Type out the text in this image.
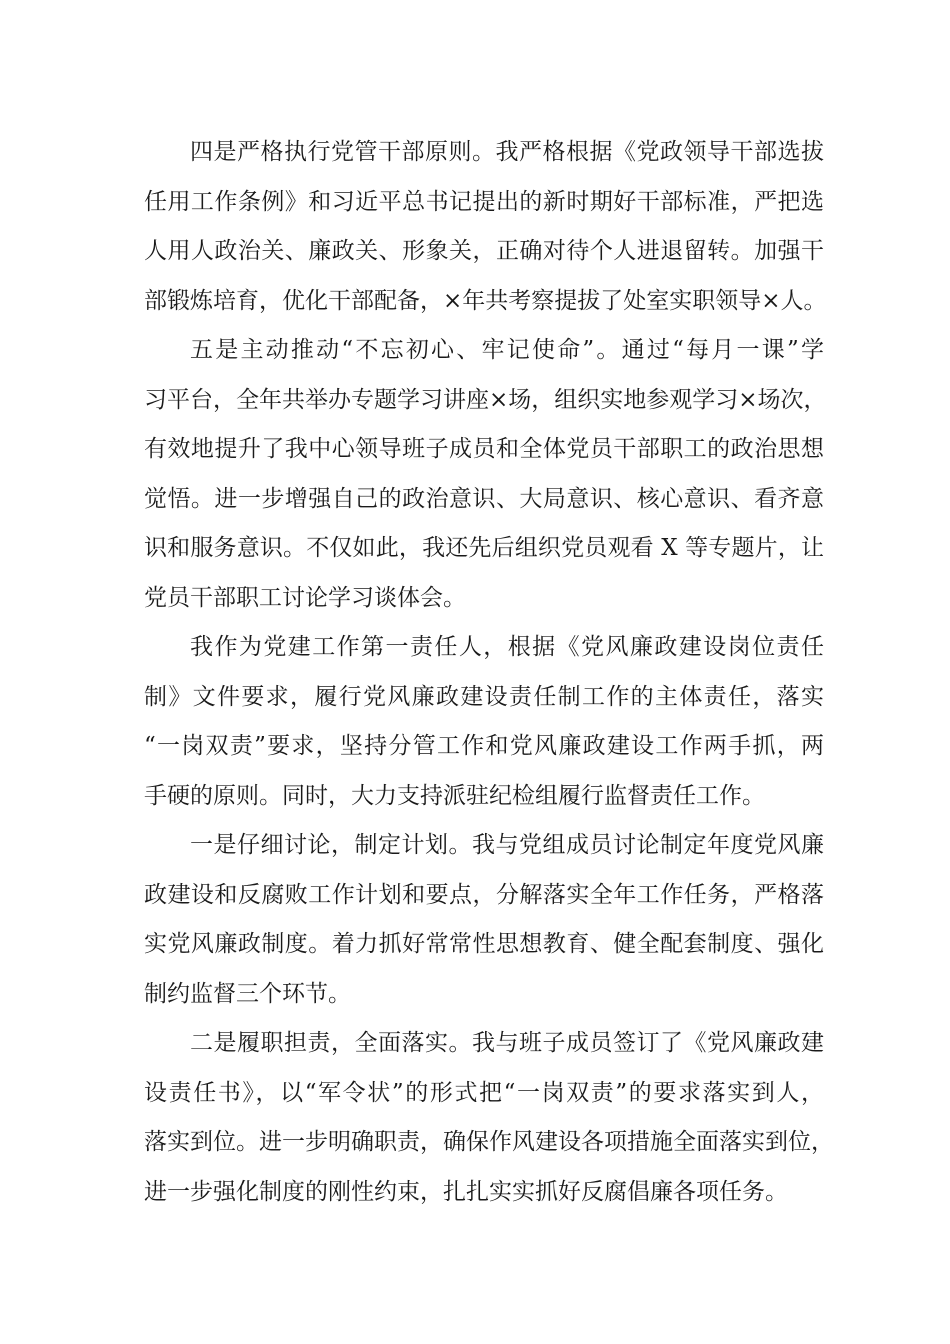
四是严格执行党管干部原则。我严格根据《党政领导干部选拔
任用工作条例》和习近平总书记提出的新时期好干部标准，严把选
人用人政治关、廉政关、形象关，正确对待个人进退留转。加强干
部锻炼培育，优化干部配备，×年共考察提拔了处室实职领导×人。
五是主动推动“不忘初心、牢记使命”。通过“每月一课”学
习平台，全年共举办专题学习讲座×场，组织实地参观学习×场次，
有效地提升了我中心领导班子成员和全体党员干部职工的政治思想
觉悟。进一步增强自己的政治意识、大局意识、核心意识、看齐意
识和服务意识。不仅如此，我还先后组织党员观看 X 等专题片，让
党员干部职工讨论学习谈体会。
我作为党建工作第一责任人，根据《党风廉政建设岗位责任
制》文件要求，履行党风廉政建设责任制工作的主体责任，落实
“一岗双责”要求，坚持分管工作和党风廉政建设工作两手抓，两
手硬的原则。同时，大力支持派驻纪检组履行监督责任工作。
一是仔细讨论，制定计划。我与党组成员讨论制定年度党风廉
政建设和反腐败工作计划和要点，分解落实全年工作任务，严格落
实党风廉政制度。着力抓好常常性思想教育、健全配套制度、强化
制约监督三个环节。
二是履职担责，全面落实。我与班子成员签订了《党风廉政建
设责任书》，以“军令状”的形式把“一岗双责”的要求落实到人，
落实到位。进一步明确职责，确保作风建设各项措施全面落实到位，
进一步强化制度的刚性约束，扎扎实实抓好反腐倡廉各项任务。
